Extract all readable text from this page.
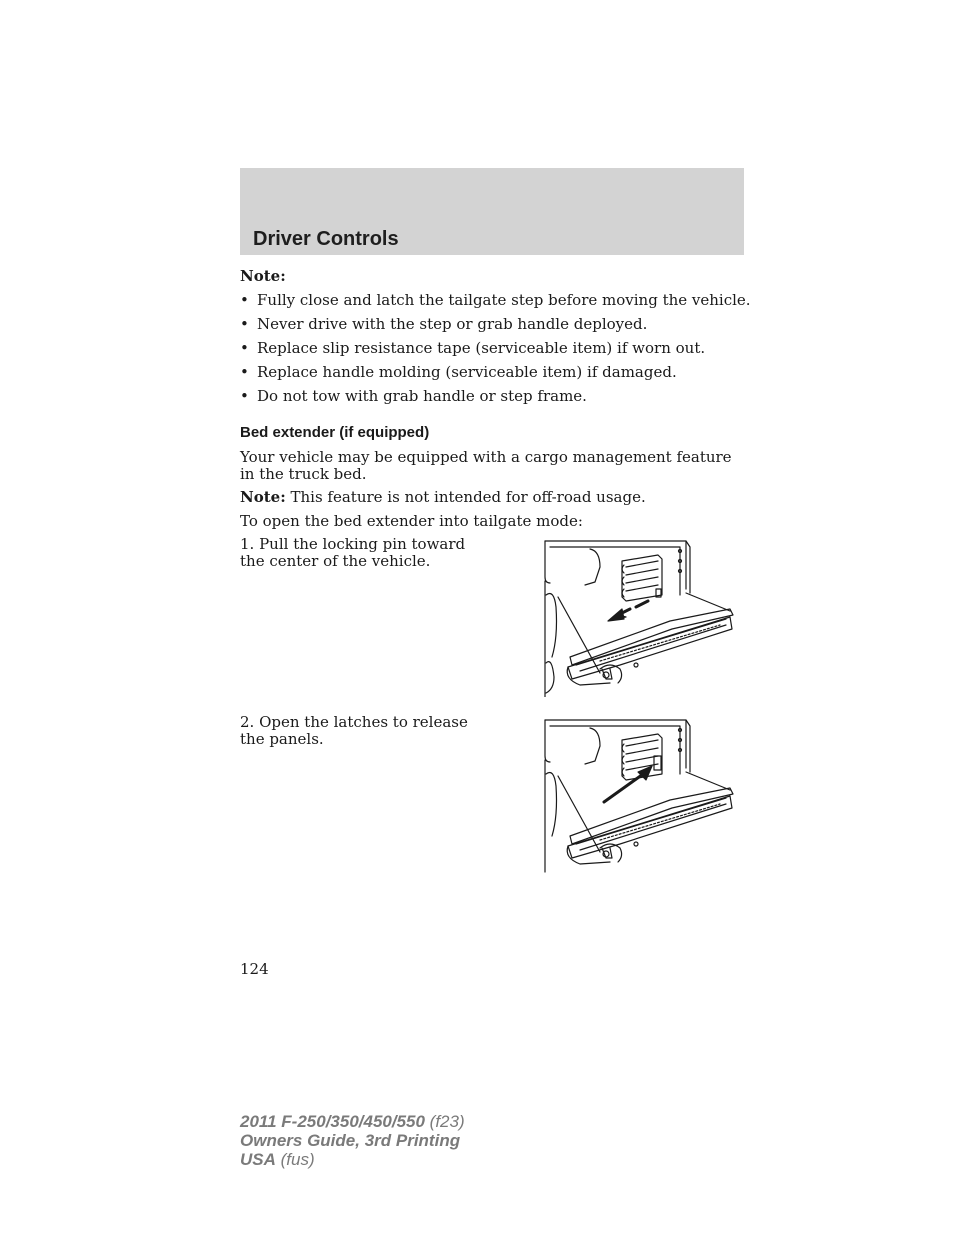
Driver Controls
Note:
• Fully close and latch the tailgate step before moving the vehicle.
• Never drive with the step or grab handle deployed.
• Replace slip resistance tape (serviceable item) if worn out.
• Replace handle molding (serviceable item) if damaged.
• Do not tow with grab handle or step frame.
Bed extender (if equipped)

Your vehicle may be equipped with a cargo management feature in the truck bed.

Note: This feature is not intended for off-road usage.

To open the bed extender into tailgate mode:

1. Pull the locking pin toward the center of the vehicle.

2. Open the latches to release the panels.

124
2011 F-250/350/450/550 (f23)
Owners Guide, 3rd Printing
USA (fus)
